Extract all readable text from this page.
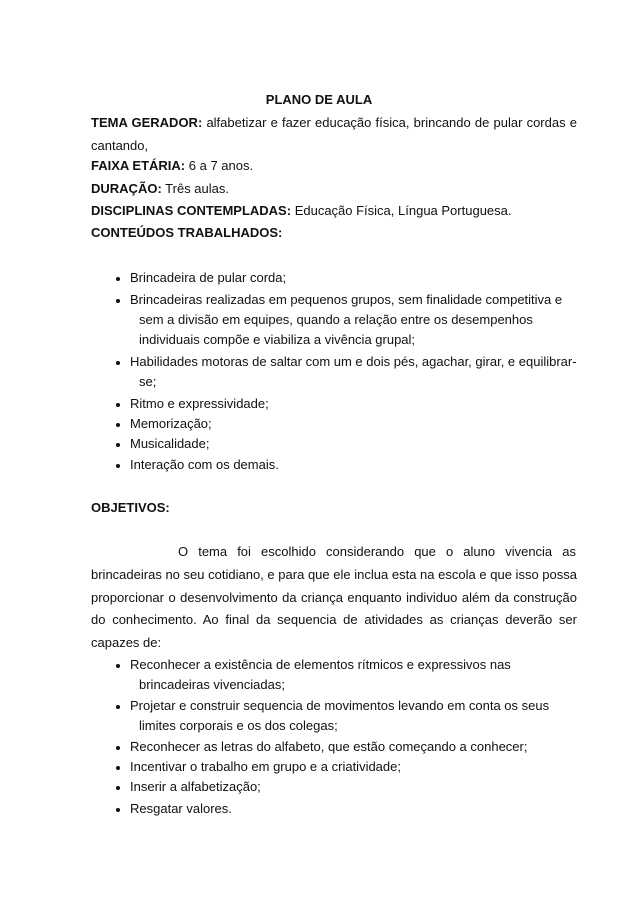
PLANO DE AULA
TEMA GERADOR: alfabetizar e fazer educação física, brincando de pular cordas e
cantando,
FAIXA ETÁRIA: 6 a 7 anos.
DURAÇÃO: Três aulas.
DISCIPLINAS CONTEMPLADAS: Educação Física, Língua Portuguesa.
CONTEÚDOS TRABALHADOS:
Brincadeira de pular corda;
Brincadeiras realizadas em pequenos grupos, sem finalidade competitiva e
sem a divisão em equipes, quando a relação entre os desempenhos
individuais compõe e viabiliza a vivência grupal;
Habilidades motoras de saltar com um e dois pés, agachar, girar, e equilibrar-
se;
Ritmo e expressividade;
Memorização;
Musicalidade;
Interação com os demais.
OBJETIVOS:
O tema foi escolhido considerando que o aluno vivencia as
brincadeiras no seu cotidiano, e para que ele inclua esta na escola e que isso possa
proporcionar o desenvolvimento da criança enquanto individuo além da construção
do conhecimento. Ao final da sequencia de atividades as crianças deverão ser
capazes de:
Reconhecer a existência de elementos rítmicos e expressivos nas
brincadeiras vivenciadas;
Projetar e construir sequencia de movimentos levando em conta os seus
limites corporais e os dos colegas;
Reconhecer as letras do alfabeto, que estão começando a conhecer;
Incentivar o trabalho em grupo e a criatividade;
Inserir a alfabetização;
Resgatar valores.
